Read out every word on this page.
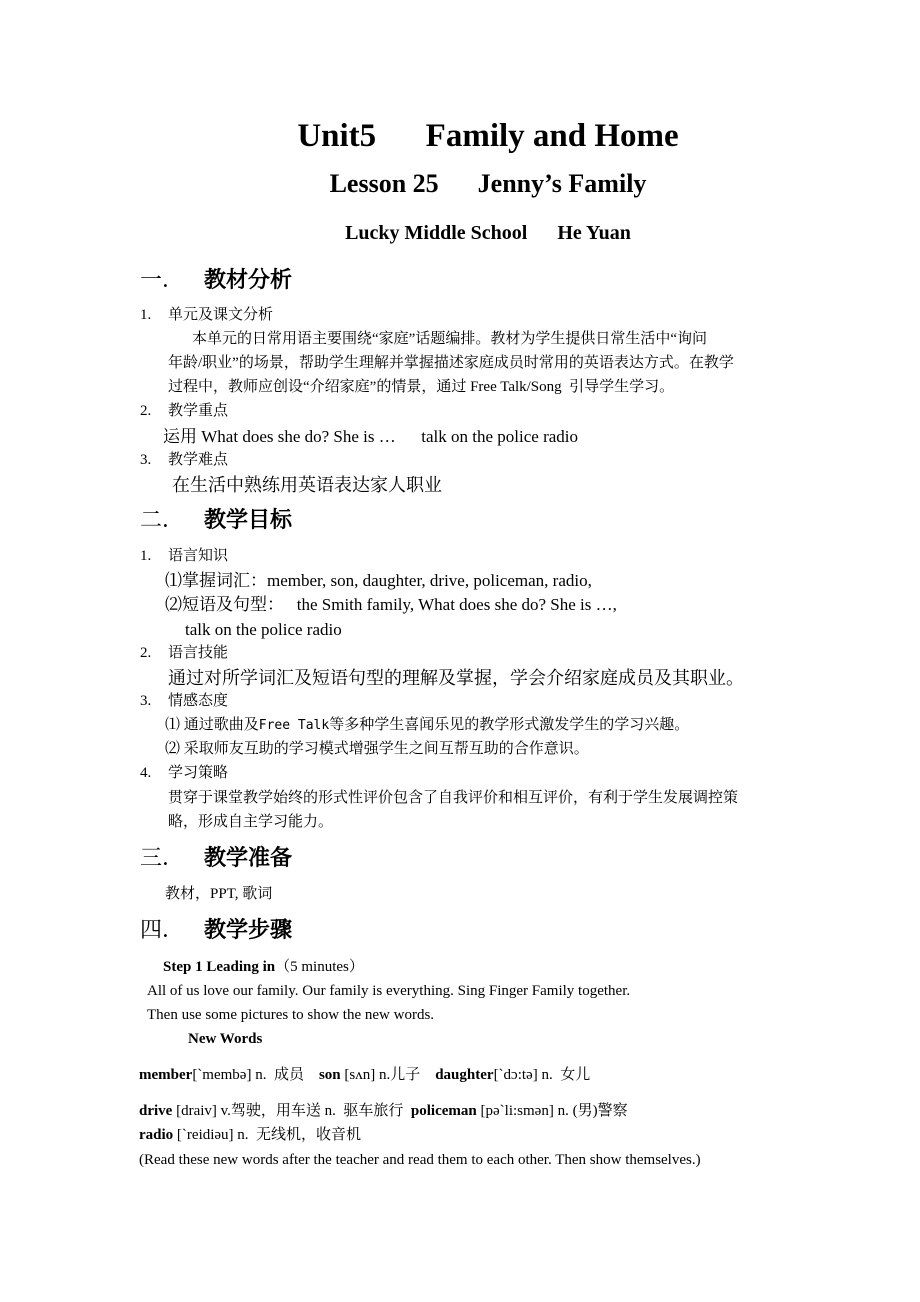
Unit5      Family and Home
Lesson 25      Jenny’s Family
Lucky Middle School      He Yuan
一． 教材分析
1. 单元及课文分析
本单元的日常用语主要围绕“家庭”话题编排。教材为学生提供日常生活中“询问
年龄/职业”的场景，帮助学生理解并掌握描述家庭成员时常用的英语表达方式。在教学
过程中，教师应创设“介绍家庭”的情景，通过 Free Talk/Song  引导学生学习。
2. 教学重点
运用 What does she do? She is …      talk on the police radio
3. 教学难点
在生活中熟练用英语表达家人职业
二． 教学目标
1. 语言知识
⑴掌握词汇：member, son, daughter, drive, policeman, radio,
⑵短语及句型：   the Smith family, What does she do? She is …,
talk on the police radio
2. 语言技能
通过对所学词汇及短语句型的理解及掌握，学会介绍家庭成员及其职业。
3. 情感态度
⑴ 通过歌曲及Free Talk等多种学生喜闻乐见的教学形式激发学生的学习兴趣。
⑵ 采取师友互助的学习模式增强学生之间互帮互助的合作意识。
4. 学习策略
贯穿于课堂教学始终的形式性评价包含了自我评价和相互评价，有利于学生发展调控策
略，形成自主学习能力。
三． 教学准备
教材，PPT, 歌词
四． 教学步骤
Step 1 Leading in（5 minutes）
All of us love our family. Our family is everything. Sing Finger Family together.
Then use some pictures to show the new words.
New Words
member[`membə] n.  成员    son [sʌn] n.儿子    daughter[`dɔ:tə] n.  女儿
drive [draiv] v.驾驶，用车送 n.  驱车旅行  policeman [pə`li:smən] n. (男)警察
radio [`reidiəu] n.  无线机，收音机
(Read these new words after the teacher and read them to each other. Then show themselves.)
